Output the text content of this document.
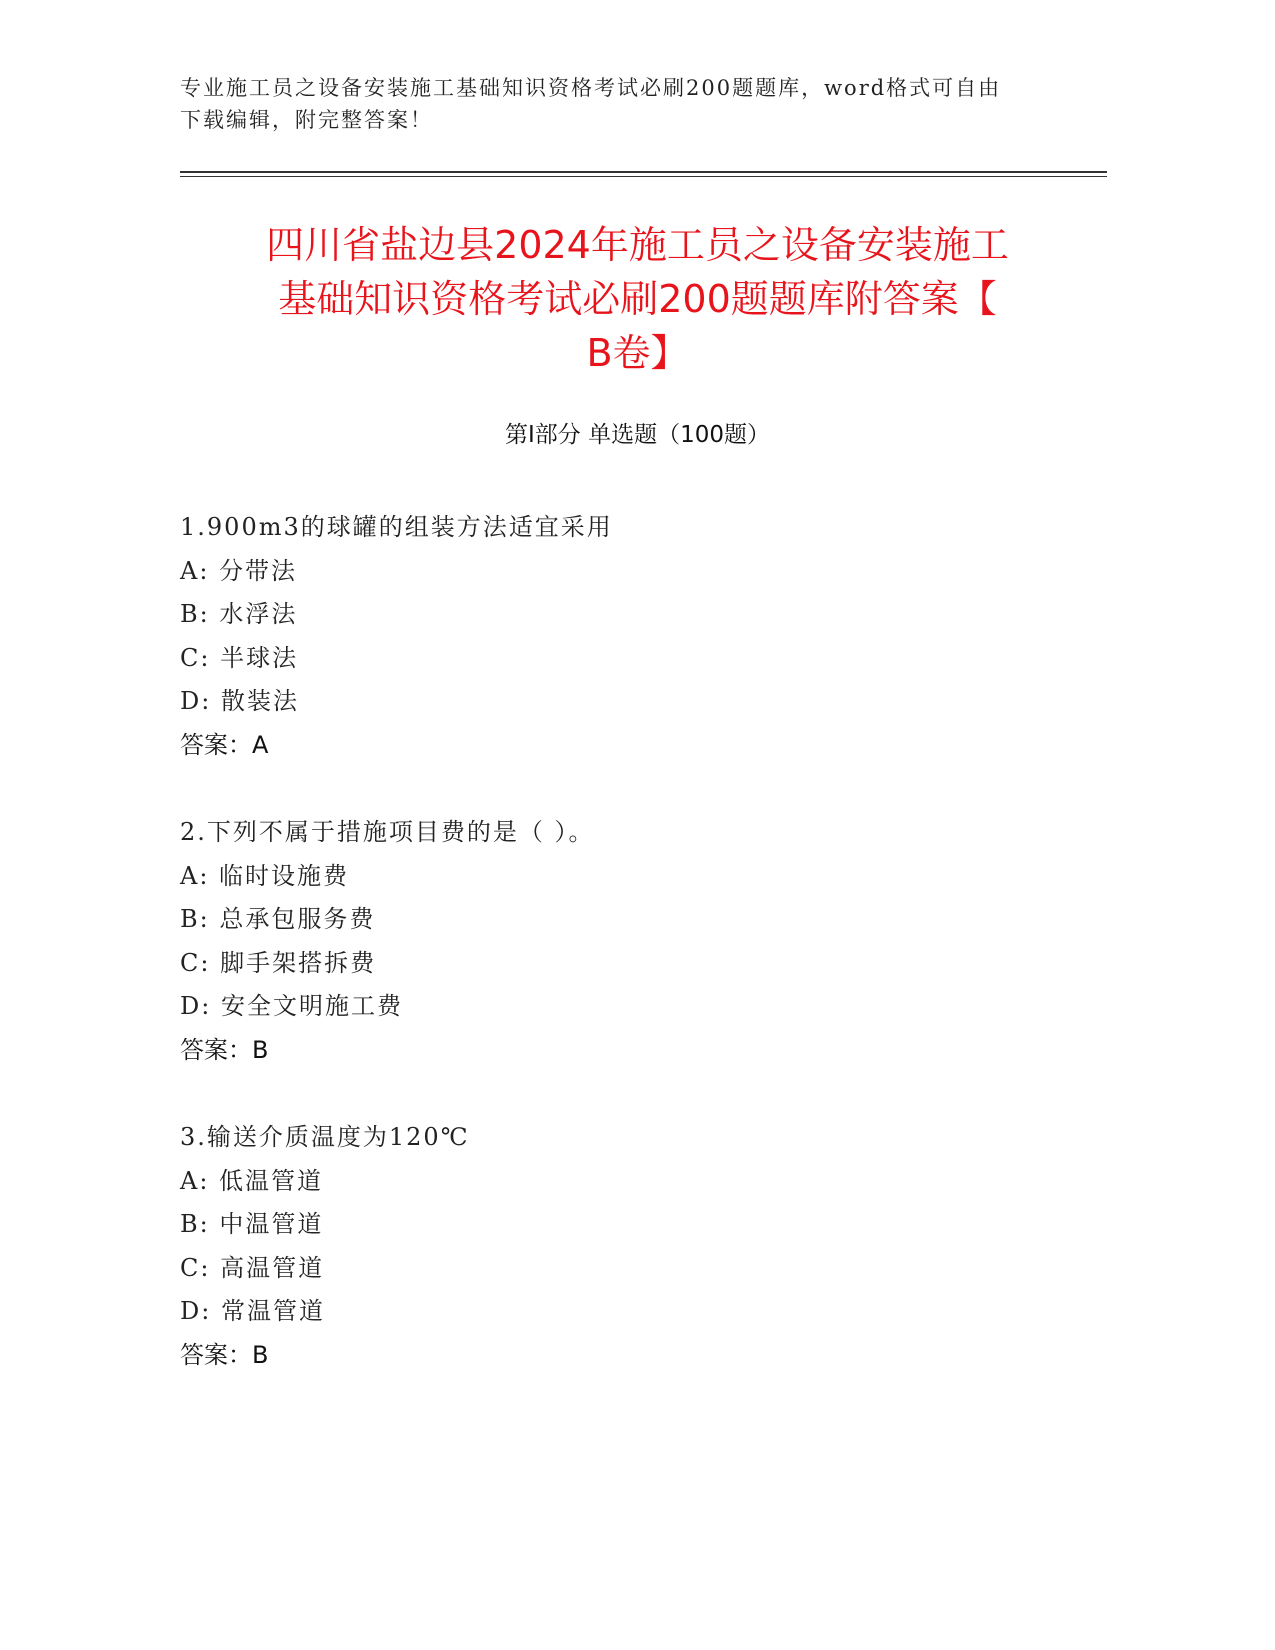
专业施工员之设备安装施工基础知识资格考试必刷200题题库，word格式可自由
下载编辑，附完整答案！
四川省盐边县2024年施工员之设备安装施工
基础知识资格考试必刷200题题库附答案【
B卷】
第Ⅰ部分 单选题（100题）
1.900m3的球罐的组装方法适宜采用
A: 分带法
B: 水浮法
C: 半球法
D: 散装法
答案：A
2.下列不属于措施项目费的是（ ）。
A: 临时设施费
B: 总承包服务费
C: 脚手架搭拆费
D: 安全文明施工费
答案：B
3.输送介质温度为120℃
A: 低温管道
B: 中温管道
C: 高温管道
D: 常温管道
答案：B
